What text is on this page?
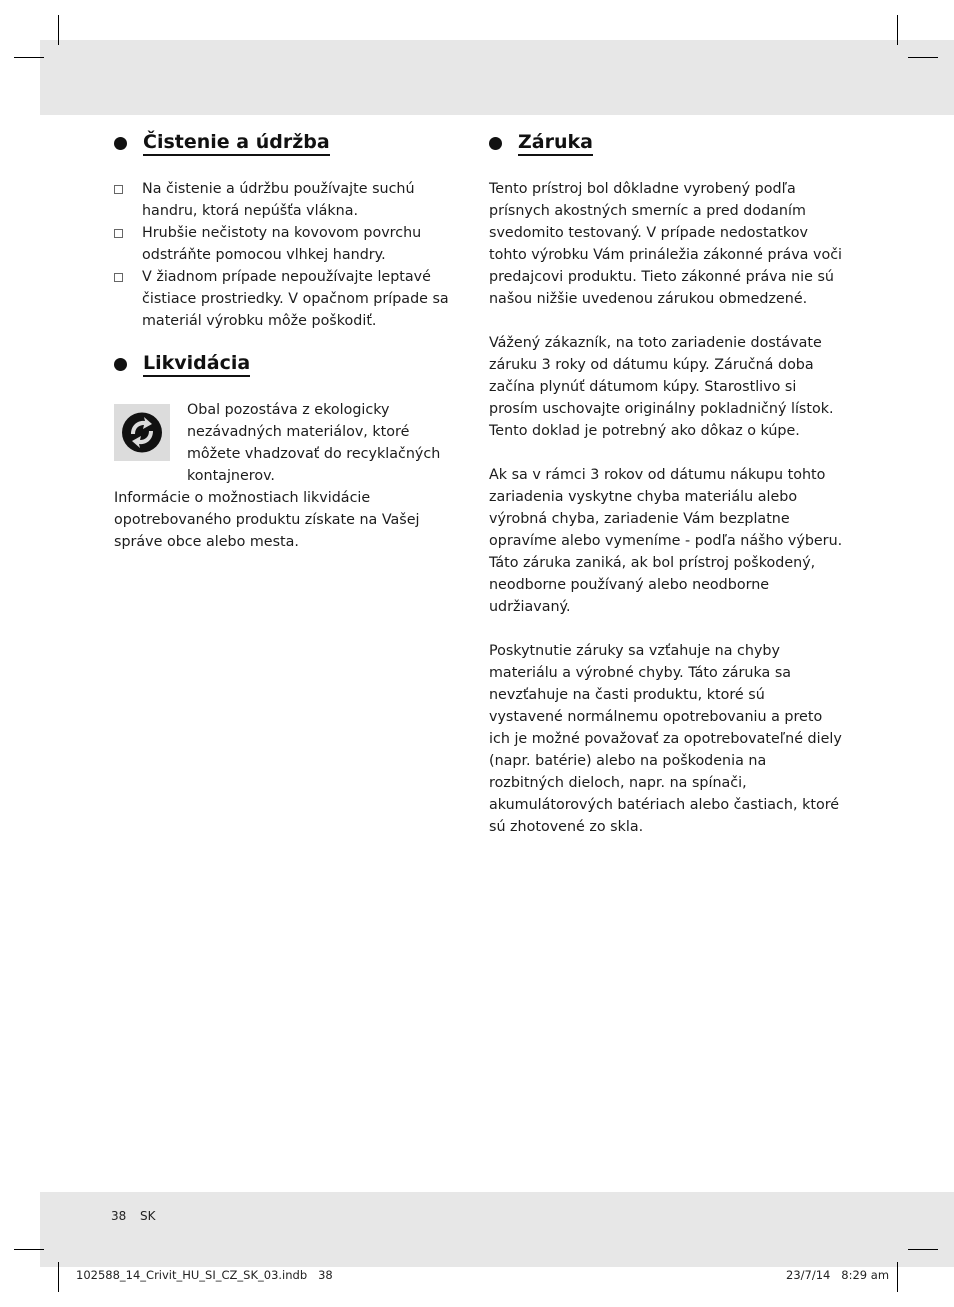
Čistenie a údržba
Na čistenie a údržbu používajte suchú handru, ktorá nepúšťa vlákna.
Hrubšie nečistoty na kovovom povrchu odstráňte pomocou vlhkej handry.
V žiadnom prípade nepoužívajte leptavé čistiace prostriedky. V opačnom prípade sa materiál výrobku môže poškodiť.
Likvidácia
Obal pozostáva z ekologicky nezávadných materiálov, ktoré môžete vhadzovať do recyklačných kontajnerov.
Informácie o možnostiach likvidácie opotrebovaného produktu získate na Vašej správe obce alebo mesta.
Záruka

Tento prístroj bol dôkladne vyrobený podľa prísnych akostných smerníc a pred dodaním svedomito testovaný. V prípade nedostatkov tohto výrobku Vám prináležia zákonné práva voči predajcovi produktu. Tieto zákonné práva nie sú našou nižšie uvedenou zárukou obmedzené.

Vážený zákazník, na toto zariadenie dostávate záruku 3 roky od dátumu kúpy. Záručná doba začína plynúť dátumom kúpy. Starostlivo si prosím uschovajte originálny pokladničný lístok. Tento doklad je potrebný ako dôkaz o kúpe.

Ak sa v rámci 3 rokov od dátumu nákupu tohto zariadenia vyskytne chyba materiálu alebo výrobná chyba, zariadenie Vám bezplatne opravíme alebo vymeníme - podľa nášho výberu. Táto záruka zaniká, ak bol prístroj poškodený, neodborne používaný alebo neodborne udržiavaný.

Poskytnutie záruky sa vzťahuje na chyby materiálu a výrobné chyby. Táto záruka sa nevzťahuje na časti produktu, ktoré sú vystavené normálnemu opotrebovaniu a preto ich je možné považovať za opotrebovateľné diely (napr. batérie) alebo na poškodenia na rozbitných dieloch, napr. na spínači, akumulátorových batériach alebo častiach, ktoré sú zhotovené zo skla.

38 SK
102588_14_Crivit_HU_SI_CZ_SK_03.indb   38	23/7/14   8:29 am
